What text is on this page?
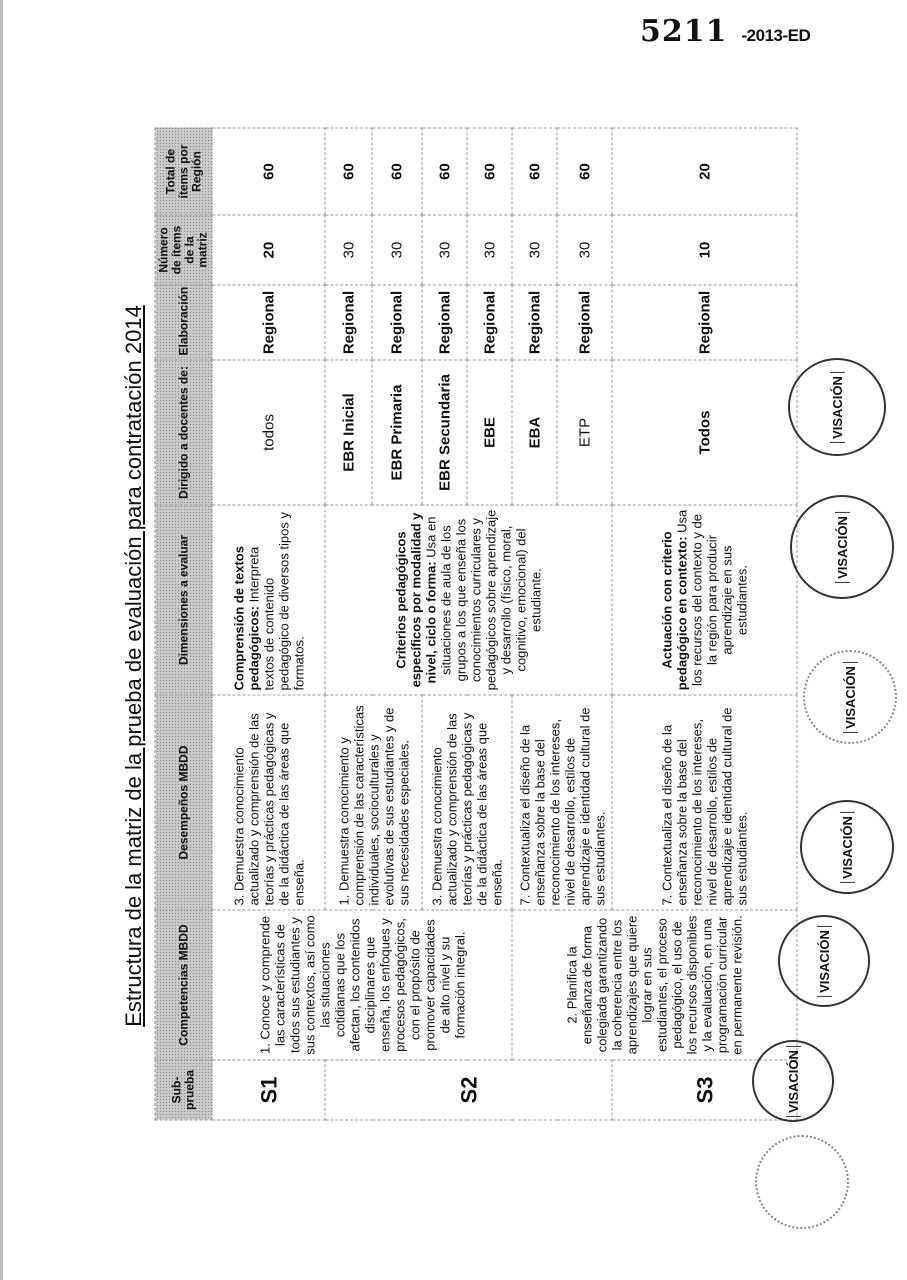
5211 -2013-ED
Estructura de la matriz de la prueba de evaluación para contratación 2014
Sub-prueba	Competencias MBDD	Desempeños MBDD	Dimensiones a evaluar	Dirigido a docentes de:	Elaboración	Número de ítems de la matriz	Total de ítems por Región
S1	1. Conoce y comprende las características de todos sus estudiantes y sus contextos, así como las situaciones cotidianas que los afectan, los contenidos disciplinares que enseña, los enfoques y procesos pedagógicos, con el propósito de promover capacidades de alto nivel y su formación integral.	3. Demuestra conocimiento actualizado y comprensión de las teorías y prácticas pedagógicas y de la didáctica de las áreas que enseña.	Comprensión de textos pedagógicos: Interpreta textos de contenido pedagógico de diversos tipos y formatos.	todos	Regional	20	60
S2		1. Demuestra conocimiento y comprensión de las características individuales, socioculturales y evolutivas de sus estudiantes y de sus necesidades especiales.	Criterios pedagógicos específicos por modalidad y nivel, ciclo o forma: Usa en situaciones de aula de los grupos a los que enseña los conocimientos curriculares y pedagógicos sobre aprendizaje y desarrollo (físico, moral, cognitivo, emocional) del estudiante.	EBR Inicial	Regional	30	60
				EBR Primaria	Regional	30	60
		3. Demuestra conocimiento actualizado y comprensión de las teorías y prácticas pedagógicas y de la didáctica de las áreas que enseña.		EBR Secundaria	Regional	30	60
				EBE	Regional	30	60
	2. Planifica la enseñanza de forma colegiada garantizando la coherencia entre los aprendizajes que quiere lograr en sus estudiantes, el proceso pedagógico, el uso de los recursos disponibles y la evaluación, en una programación curricular en permanente revisión.	7. Contextualiza el diseño de la enseñanza sobre la base del reconocimiento de los intereses, nivel de desarrollo, estilos de aprendizaje e identidad cultural de sus estudiantes.		EBA	Regional	30	60
				ETP	Regional	30	60
S3		7. Contextualiza el diseño de la enseñanza sobre la base del reconocimiento de los intereses, nivel de desarrollo, estilos de aprendizaje e identidad cultural de sus estudiantes.	Actuación con criterio pedagógico en contexto: Usa los recursos del contexto y de la región para producir aprendizaje en sus estudiantes.	Todos	Regional	10	20
VISACIÓN
VISACIÓN
VISACIÓN
VISACIÓN
VISACIÓN
VISACIÓN
